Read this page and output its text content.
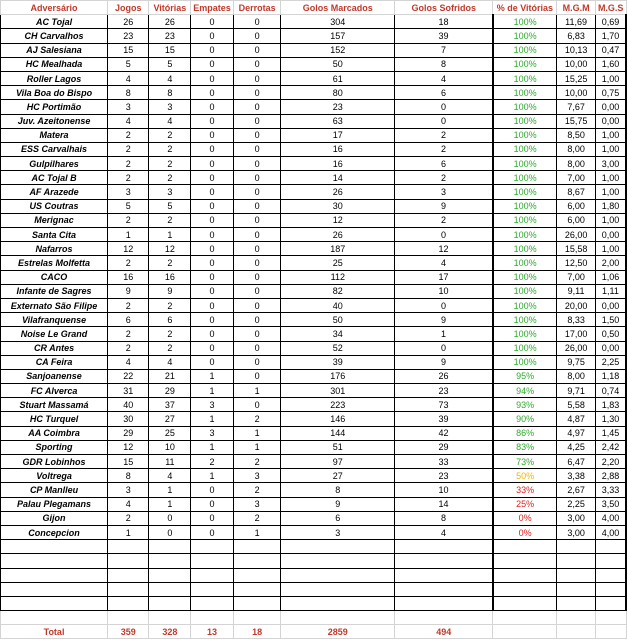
Adversário	Jogos	Vitórias	Empates	Derrotas	Golos Marcados	Golos Sofridos	% de Vitórias	M.G.M	M.G.S
AC Tojal	26	26	0	0	304	18	100%	11,69	0,69
CH Carvalhos	23	23	0	0	157	39	100%	6,83	1,70
AJ Salesiana	15	15	0	0	152	7	100%	10,13	0,47
HC Mealhada	5	5	0	0	50	8	100%	10,00	1,60
Roller Lagos	4	4	0	0	61	4	100%	15,25	1,00
Vila Boa do Bispo	8	8	0	0	80	6	100%	10,00	0,75
HC Portimão	3	3	0	0	23	0	100%	7,67	0,00
Juv. Azeitonense	4	4	0	0	63	0	100%	15,75	0,00
Matera	2	2	0	0	17	2	100%	8,50	1,00
ESS Carvalhais	2	2	0	0	16	2	100%	8,00	1,00
Gulpilhares	2	2	0	0	16	6	100%	8,00	3,00
AC Tojal B	2	2	0	0	14	2	100%	7,00	1,00
AF Arazede	3	3	0	0	26	3	100%	8,67	1,00
US Coutras	5	5	0	0	30	9	100%	6,00	1,80
Merignac	2	2	0	0	12	2	100%	6,00	1,00
Santa Cita	1	1	0	0	26	0	100%	26,00	0,00
Nafarros	12	12	0	0	187	12	100%	15,58	1,00
Estrelas Molfetta	2	2	0	0	25	4	100%	12,50	2,00
CACO	16	16	0	0	112	17	100%	7,00	1,06
Infante de Sagres	9	9	0	0	82	10	100%	9,11	1,11
Externato São Filipe	2	2	0	0	40	0	100%	20,00	0,00
Vilafranquense	6	6	0	0	50	9	100%	8,33	1,50
Noise Le Grand	2	2	0	0	34	1	100%	17,00	0,50
CR Antes	2	2	0	0	52	0	100%	26,00	0,00
CA Feira	4	4	0	0	39	9	100%	9,75	2,25
Sanjoanense	22	21	1	0	176	26	95%	8,00	1,18
FC Alverca	31	29	1	1	301	23	94%	9,71	0,74
Stuart Massamá	40	37	3	0	223	73	93%	5,58	1,83
HC Turquel	30	27	1	2	146	39	90%	4,87	1,30
AA Coimbra	29	25	3	1	144	42	86%	4,97	1,45
Sporting	12	10	1	1	51	29	83%	4,25	2,42
GDR Lobinhos	15	11	2	2	97	33	73%	6,47	2,20
Voltrega	8	4	1	3	27	23	50%	3,38	2,88
CP Manlleu	3	1	0	2	8	10	33%	2,67	3,33
Palau Plegamans	4	1	0	3	9	14	25%	2,25	3,50
Gijon	2	0	0	2	6	8	0%	3,00	4,00
Concepcion	1	0	0	1	3	4	0%	3,00	4,00

Total	359	328	13	18	2859	494			
